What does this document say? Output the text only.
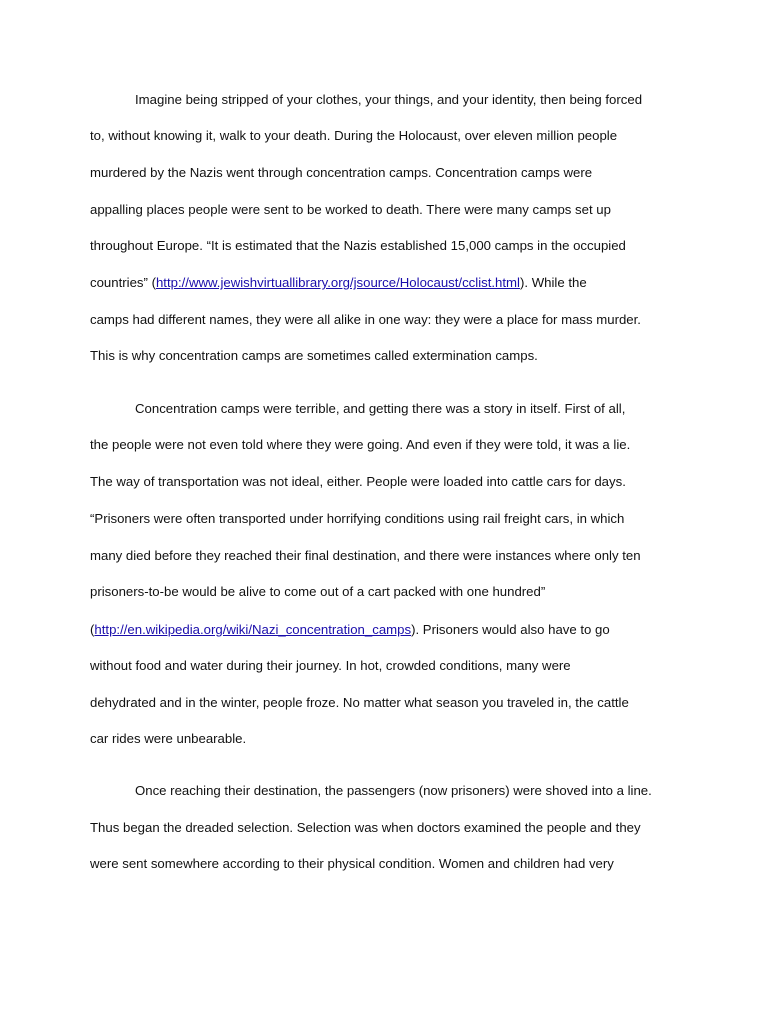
Imagine being stripped of your clothes, your things, and your identity, then being forced
to, without knowing it, walk to your death. During the Holocaust, over eleven million people
murdered by the Nazis went through concentration camps. Concentration camps were
appalling places people were sent to be worked to death. There were many camps set up
throughout Europe. “It is estimated that the Nazis established 15,000 camps in the occupied
countries” (http://www.jewishvirtuallibrary.org/jsource/Holocaust/cclist.html). While the
camps had different names, they were all alike in one way: they were a place for mass murder.
This is why concentration camps are sometimes called extermination camps.
Concentration camps were terrible, and getting there was a story in itself. First of all,
the people were not even told where they were going. And even if they were told, it was a lie.
The way of transportation was not ideal, either. People were loaded into cattle cars for days.
“Prisoners were often transported under horrifying conditions using rail freight cars, in which
many died before they reached their final destination, and there were instances where only ten
prisoners-to-be would be alive to come out of a cart packed with one hundred”
(http://en.wikipedia.org/wiki/Nazi_concentration_camps). Prisoners would also have to go
without food and water during their journey. In hot, crowded conditions, many were
dehydrated and in the winter, people froze. No matter what season you traveled in, the cattle
car rides were unbearable.
Once reaching their destination, the passengers (now prisoners) were shoved into a line.
Thus began the dreaded selection. Selection was when doctors examined the people and they
were sent somewhere according to their physical condition. Women and children had very
